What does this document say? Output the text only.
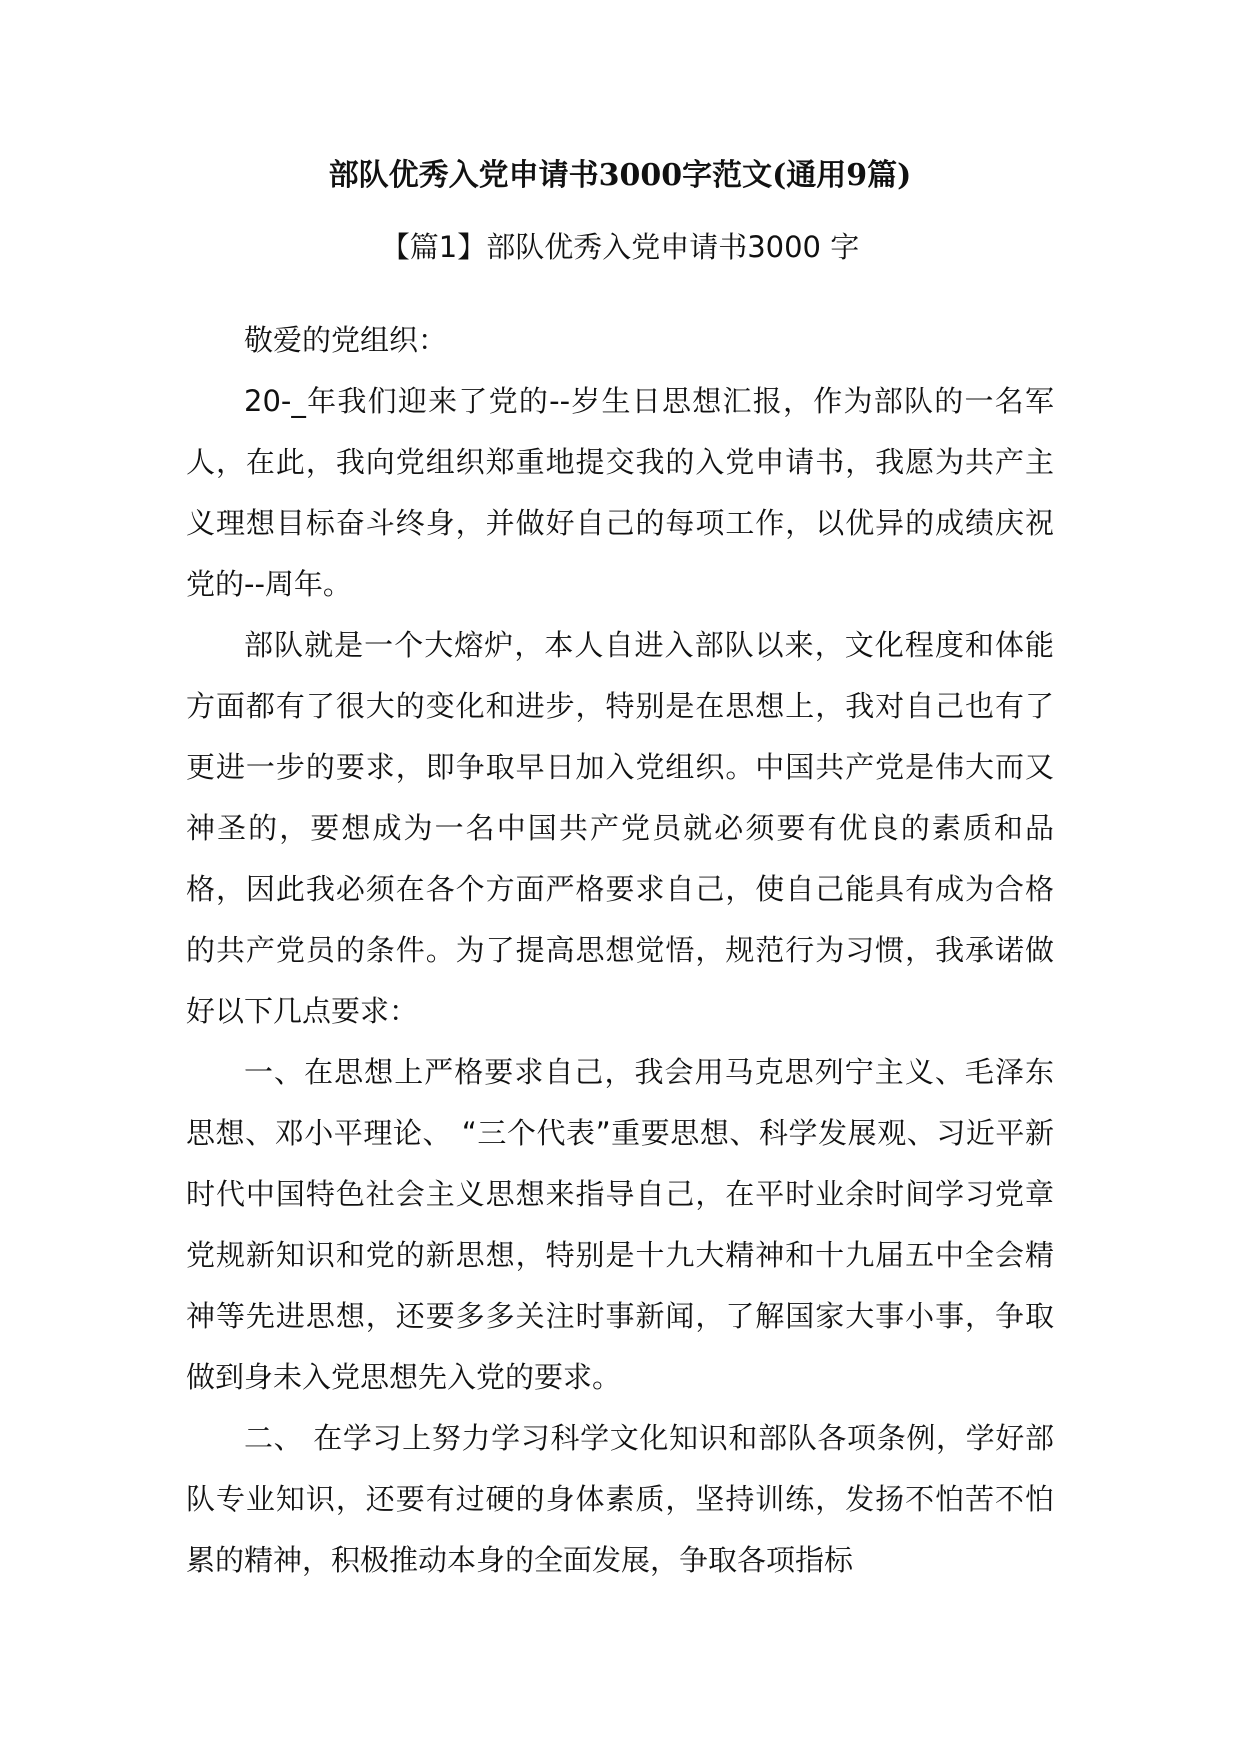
部队优秀入党申请书3000字范文(通用9篇)
【篇1】部队优秀入党申请书3000 字

敬爱的党组织：

20-_年我们迎来了党的--岁生日思想汇报，作为部队的一名军人，在此，我向党组织郑重地提交我的入党申请书，我愿为共产主义理想目标奋斗终身，并做好自己的每项工作，以优异的成绩庆祝党的--周年。

部队就是一个大熔炉，本人自进入部队以来，文化程度和体能方面都有了很大的变化和进步，特别是在思想上，我对自己也有了更进一步的要求，即争取早日加入党组织。中国共产党是伟大而又神圣的，要想成为一名中国共产党员就必须要有优良的素质和品格，因此我必须在各个方面严格要求自己，使自己能具有成为合格的共产党员的条件。为了提高思想觉悟，规范行为习惯，我承诺做好以下几点要求：

一、在思想上严格要求自己，我会用马克思列宁主义、毛泽东思想、邓小平理论、 “三个代表”重要思想、科学发展观、习近平新时代中国特色社会主义思想来指导自己，在平时业余时间学习党章党规新知识和党的新思想，特别是十九大精神和十九届五中全会精神等先进思想，还要多多关注时事新闻，了解国家大事小事，争取做到身未入党思想先入党的要求。

二、 在学习上努力学习科学文化知识和部队各项条例，学好部队专业知识，还要有过硬的身体素质，坚持训练，发扬不怕苦不怕累的精神，积极推动本身的全面发展，争取各项指标
